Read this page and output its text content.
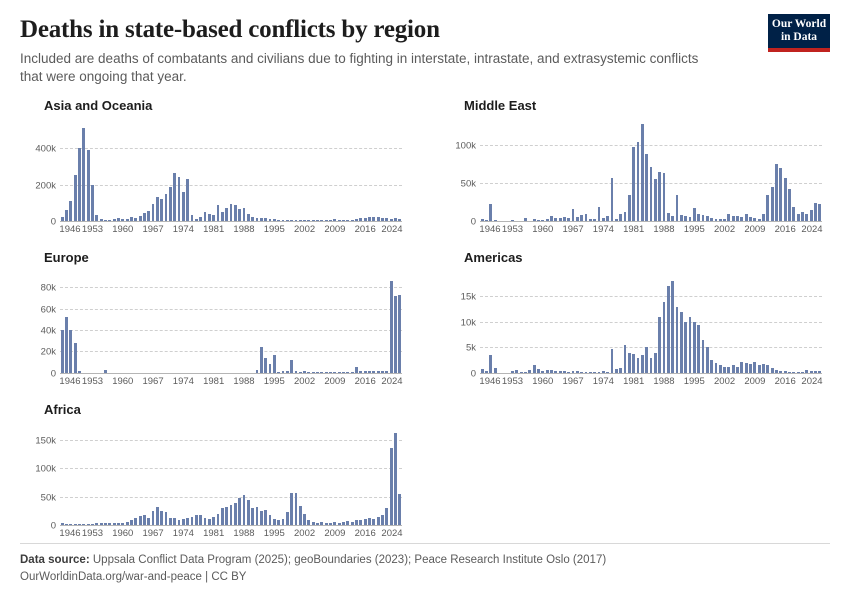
Our World
in Data
Deaths in state-based conflicts by region

Included are deaths of combatants and civilians due to fighting in interstate, intrastate, and extrasystemic conflicts that were ongoing that year.

Asia and Oceania
0
200k
400k
1946 1953 1960 1967 1974 1981 1988 1995 2002 2009 2016 2024
Middle East
0
50k
100k
1946 1953 1960 1967 1974 1981 1988 1995 2002 2009 2016 2024
Europe
0
20k
40k
60k
80k
1946 1953 1960 1967 1974 1981 1988 1995 2002 2009 2016 2024
Americas
0
5k
10k
15k
1946 1953 1960 1967 1974 1981 1988 1995 2002 2009 2016 2024
Africa
0
50k
100k
150k
1946 1953 1960 1967 1974 1981 1988 1995 2002 2009 2016 2024
Data source: Uppsala Conflict Data Program (2025); geoBoundaries (2023); Peace Research Institute Oslo (2017)
OurWorldinData.org/war-and-peace | CC BY
